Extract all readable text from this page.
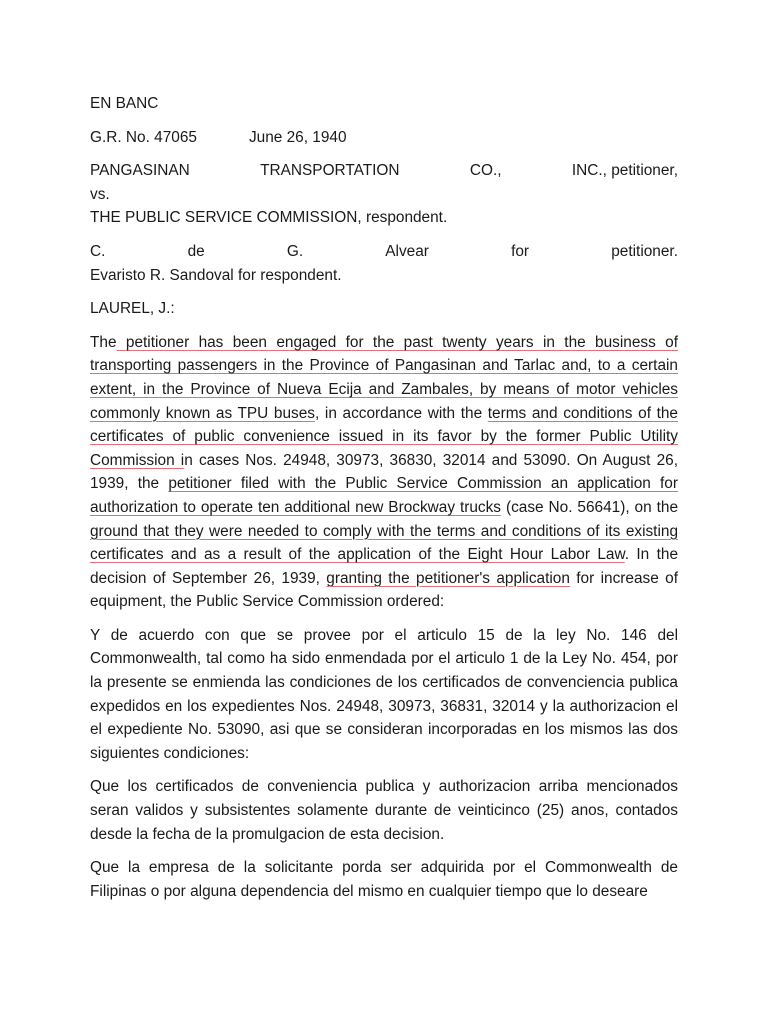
EN BANC
G.R. No. 47065	June 26, 1940
PANGASINAN	TRANSPORTATION	CO.,	INC., petitioner,
vs.
THE PUBLIC SERVICE COMMISSION, respondent.
C.	de	G.	Alvear	for	petitioner.
Evaristo R. Sandoval for respondent.
LAUREL, J.:

The petitioner has been engaged for the past twenty years in the business of transporting passengers in the Province of Pangasinan and Tarlac and, to a certain extent, in the Province of Nueva Ecija and Zambales, by means of motor vehicles commonly known as TPU buses, in accordance with the terms and conditions of the certificates of public convenience issued in its favor by the former Public Utility Commission in cases Nos. 24948, 30973, 36830, 32014 and 53090. On August 26, 1939, the petitioner filed with the Public Service Commission an application for authorization to operate ten additional new Brockway trucks (case No. 56641), on the ground that they were needed to comply with the terms and conditions of its existing certificates and as a result of the application of the Eight Hour Labor Law. In the decision of September 26, 1939, granting the petitioner's application for increase of equipment, the Public Service Commission ordered:

Y de acuerdo con que se provee por el articulo 15 de la ley No. 146 del Commonwealth, tal como ha sido enmendada por el articulo 1 de la Ley No. 454, por la presente se enmienda las condiciones de los certificados de convenciencia publica expedidos en los expedientes Nos. 24948, 30973, 36831, 32014 y la authorizacion el el expediente No. 53090, asi que se consideran incorporadas en los mismos las dos siguientes condiciones:

Que los certificados de conveniencia publica y authorizacion arriba mencionados seran validos y subsistentes solamente durante de veinticinco (25) anos, contados desde la fecha de la promulgacion de esta decision.

Que la empresa de la solicitante porda ser adquirida por el Commonwealth de Filipinas o por alguna dependencia del mismo en cualquier tiempo que lo deseare
